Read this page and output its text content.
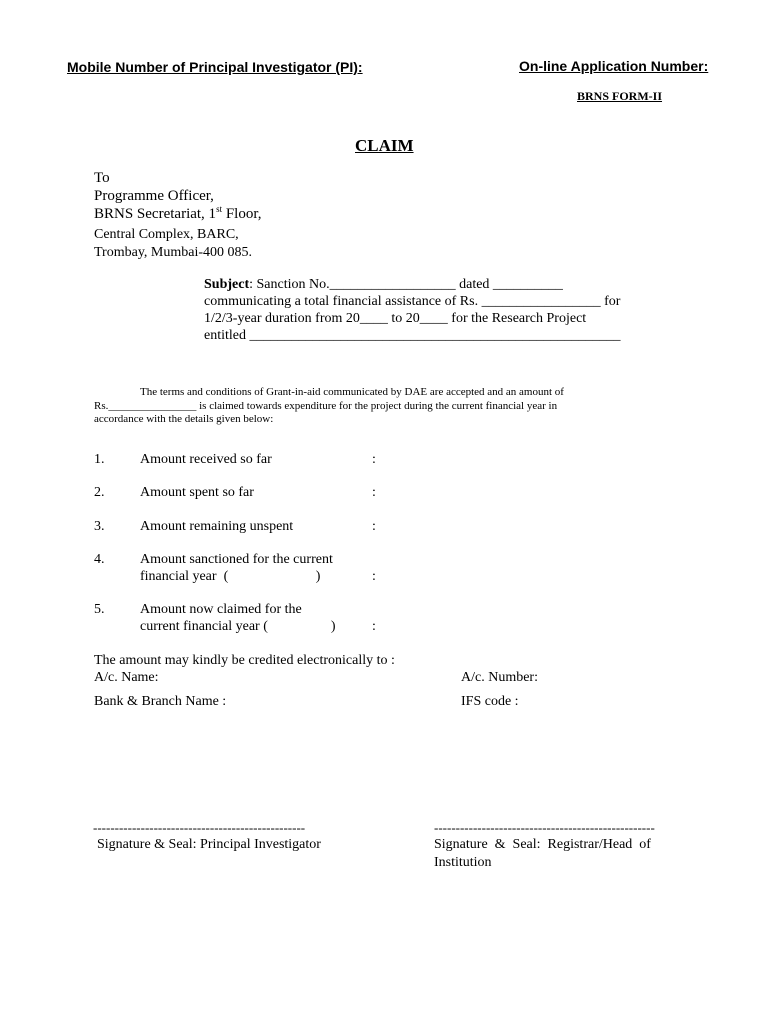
Mobile Number of Principal Investigator (PI):	On-line Application Number:
BRNS FORM-II
CLAIM
To
Programme Officer,
BRNS Secretariat, 1st Floor,
Central Complex, BARC,
Trombay, Mumbai-400 085.
Subject: Sanction No.__________________ dated __________
communicating a total financial assistance of Rs. _________________ for
1/2/3-year duration from 20____ to 20____ for the Research Project
entitled _____________________________________________________
The terms and conditions of Grant-in-aid communicated by DAE are accepted and an amount of
Rs.________________ is claimed towards expenditure for the project during the current financial year in
accordance with the details given below:
1.	Amount received so far	:
2.	Amount spent so far	:
3.	Amount remaining unspent	:
4.	Amount sanctioned for the current
financial year  (                         )	:
5.	Amount now claimed for the
current financial year (                  )	:
The amount may kindly be credited electronically to :
A/c. Name:	A/c. Number:
Bank & Branch Name :	IFS code :
-------------------------------------------------
Signature & Seal: Principal Investigator
---------------------------------------------------
Signature  &  Seal:  Registrar/Head  of
Institution
